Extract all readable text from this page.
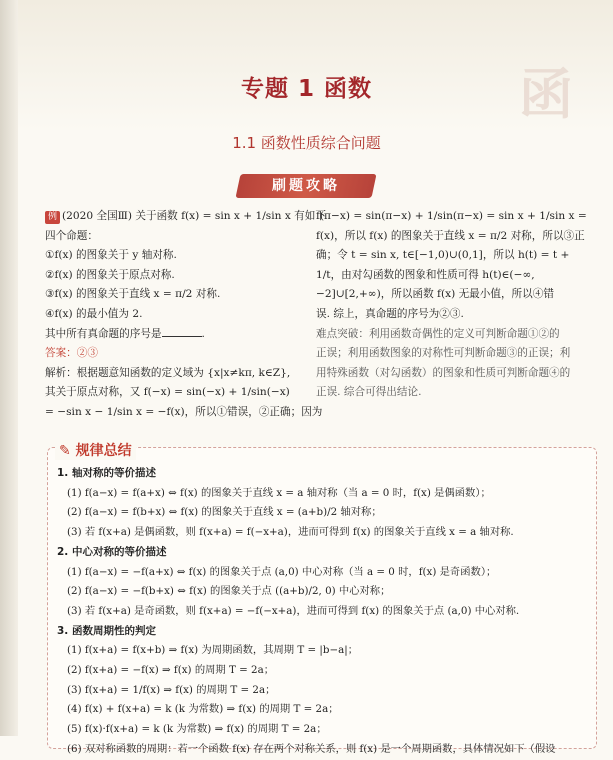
函
专题 1 函数
1.1 函数性质综合问题
刷题攻略

例 (2020 全国Ⅲ) 关于函数 f(x) = sin x + 1/sin x 有如下

四个命题：

①f(x) 的图象关于 y 轴对称.

②f(x) 的图象关于原点对称.

③f(x) 的图象关于直线 x = π/2 对称.

④f(x) 的最小值为 2.

其中所有真命题的序号是	.

答案：②③

解析：根据题意知函数的定义域为 {x|x≠kπ, k∈Z},

其关于原点对称，又 f(−x) = sin(−x) + 1/sin(−x)

= −sin x − 1/sin x = −f(x)，所以①错误，②正确；因为

f(π−x) = sin(π−x) + 1/sin(π−x) = sin x + 1/sin x =

f(x)，所以 f(x) 的图象关于直线 x = π/2 对称，所以③正

确；令 t = sin x, t∈[−1,0)∪(0,1]，所以 h(t) = t +

1/t，由对勾函数的图象和性质可得 h(t)∈(−∞,

−2]∪[2,+∞)，所以函数 f(x) 无最小值，所以④错

误. 综上，真命题的序号为②③.

难点突破：利用函数奇偶性的定义可判断命题①②的

正误；利用函数图象的对称性可判断命题③的正误；利

用特殊函数（对勾函数）的图象和性质可判断命题④的

正误. 综合可得出结论.

✎ 规律总结

1. 轴对称的等价描述

(1) f(a−x) = f(a+x) ⇔ f(x) 的图象关于直线 x = a 轴对称（当 a = 0 时，f(x) 是偶函数）；

(2) f(a−x) = f(b+x) ⇔ f(x) 的图象关于直线 x = (a+b)/2 轴对称；

(3) 若 f(x+a) 是偶函数，则 f(x+a) = f(−x+a)，进而可得到 f(x) 的图象关于直线 x = a 轴对称.

2. 中心对称的等价描述

(1) f(a−x) = −f(a+x) ⇔ f(x) 的图象关于点 (a,0) 中心对称（当 a = 0 时，f(x) 是奇函数）；

(2) f(a−x) = −f(b+x) ⇔ f(x) 的图象关于点 ((a+b)/2, 0) 中心对称；

(3) 若 f(x+a) 是奇函数，则 f(x+a) = −f(−x+a)，进而可得到 f(x) 的图象关于点 (a,0) 中心对称.

3. 函数周期性的判定

(1) f(x+a) = f(x+b) ⇒ f(x) 为周期函数，其周期 T = |b−a|；

(2) f(x+a) = −f(x) ⇒ f(x) 的周期 T = 2a；

(3) f(x+a) = 1/f(x) ⇒ f(x) 的周期 T = 2a；

(4) f(x) + f(x+a) = k (k 为常数) ⇒ f(x) 的周期 T = 2a；

(5) f(x)·f(x+a) = k (k 为常数) ⇒ f(x) 的周期 T = 2a；

(6) 双对称函数的周期：若一个函数 f(x) 存在两个对称关系，则 f(x) 是一个周期函数，具体情况如下（假设
